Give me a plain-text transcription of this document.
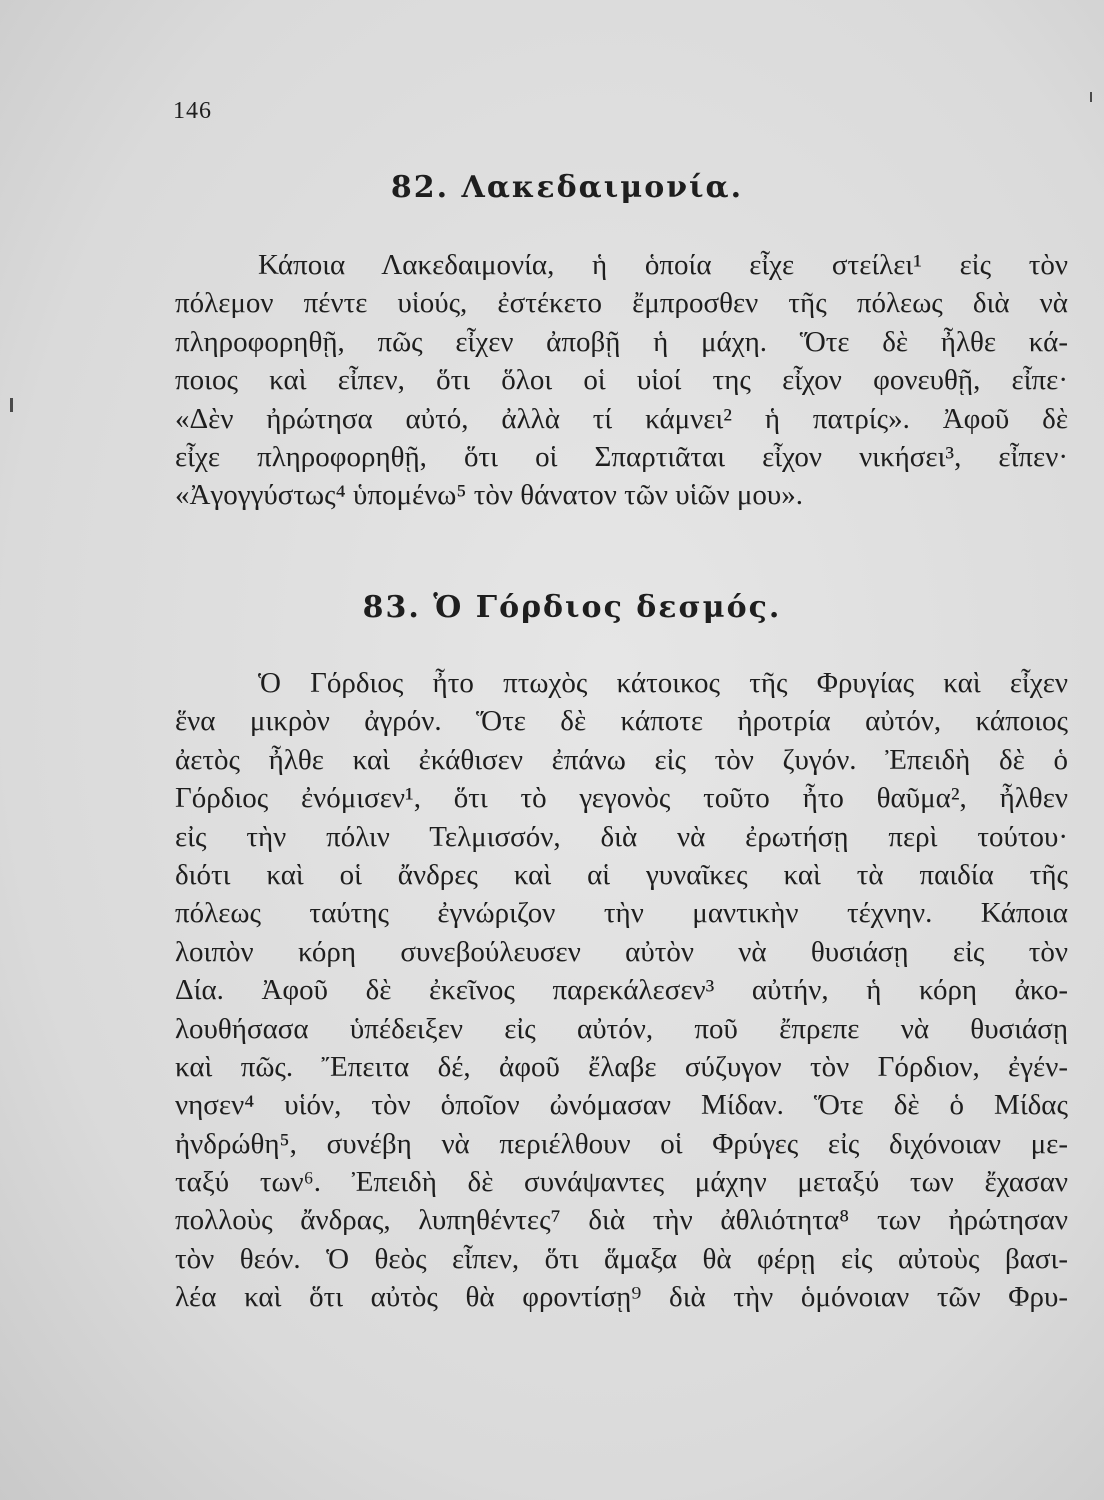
146
82. Λακεδαιμονία.
Κάποια Λακεδαιμονία, ἡ ὁποία εἶχε στείλει¹ εἰς τὸν
πόλεμον πέντε υἱούς, ἐστέκετο ἔμπροσθεν τῆς πόλεως διὰ νὰ
πληροφορηθῇ, πῶς εἶχεν ἀποβῇ ἡ μάχη. Ὅτε δὲ ἦλθε κά-
ποιος καὶ εἶπεν, ὅτι ὅλοι οἱ υἱοί της εἶχον φονευθῇ, εἶπε·
«Δὲν ἠρώτησα αὐτό, ἀλλὰ τί κάμνει² ἡ πατρίς». Ἀφοῦ δὲ
εἶχε πληροφορηθῇ, ὅτι οἱ Σπαρτιᾶται εἶχον νικήσει³, εἶπεν·
«Ἀγογγύστως⁴ ὑπομένω⁵ τὸν θάνατον τῶν υἱῶν μου».
83. Ὁ Γόρδιος δεσμός.
Ὁ Γόρδιος ἦτο πτωχὸς κάτοικος τῆς Φρυγίας καὶ εἶχεν
ἕνα μικρὸν ἀγρόν. Ὅτε δὲ κάποτε ἠροτρία αὐτόν, κάποιος
ἀετὸς ἦλθε καὶ ἐκάθισεν ἐπάνω εἰς τὸν ζυγόν. Ἐπειδὴ δὲ ὁ
Γόρδιος ἐνόμισεν¹, ὅτι τὸ γεγονὸς τοῦτο ἦτο θαῦμα², ἦλθεν
εἰς τὴν πόλιν Τελμισσόν, διὰ νὰ ἐρωτήσῃ περὶ τούτου·
διότι καὶ οἱ ἄνδρες καὶ αἱ γυναῖκες καὶ τὰ παιδία τῆς
πόλεως ταύτης ἐγνώριζον τὴν μαντικὴν τέχνην. Κάποια
λοιπὸν κόρη συνεβούλευσεν αὐτὸν νὰ θυσιάσῃ εἰς τὸν
Δία. Ἀφοῦ δὲ ἐκεῖνος παρεκάλεσεν³ αὐτήν, ἡ κόρη ἀκο-
λουθήσασα ὑπέδειξεν εἰς αὐτόν, ποῦ ἔπρεπε νὰ θυσιάσῃ
καὶ πῶς. Ἔπειτα δέ, ἀφοῦ ἔλαβε σύζυγον τὸν Γόρδιον, ἐγέν-
νησεν⁴ υἱόν, τὸν ὁποῖον ὠνόμασαν Μίδαν. Ὅτε δὲ ὁ Μίδας
ἠνδρώθη⁵, συνέβη νὰ περιέλθουν οἱ Φρύγες εἰς διχόνοιαν με-
ταξύ των⁶. Ἐπειδὴ δὲ συνάψαντες μάχην μεταξύ των ἔχασαν
πολλοὺς ἄνδρας, λυπηθέντες⁷ διὰ τὴν ἀθλιότητα⁸ των ἠρώτησαν
τὸν θεόν. Ὁ θεὸς εἶπεν, ὅτι ἅμαξα θὰ φέρῃ εἰς αὐτοὺς βασι-
λέα καὶ ὅτι αὐτὸς θὰ φροντίσῃ⁹ διὰ τὴν ὁμόνοιαν τῶν Φρυ-
